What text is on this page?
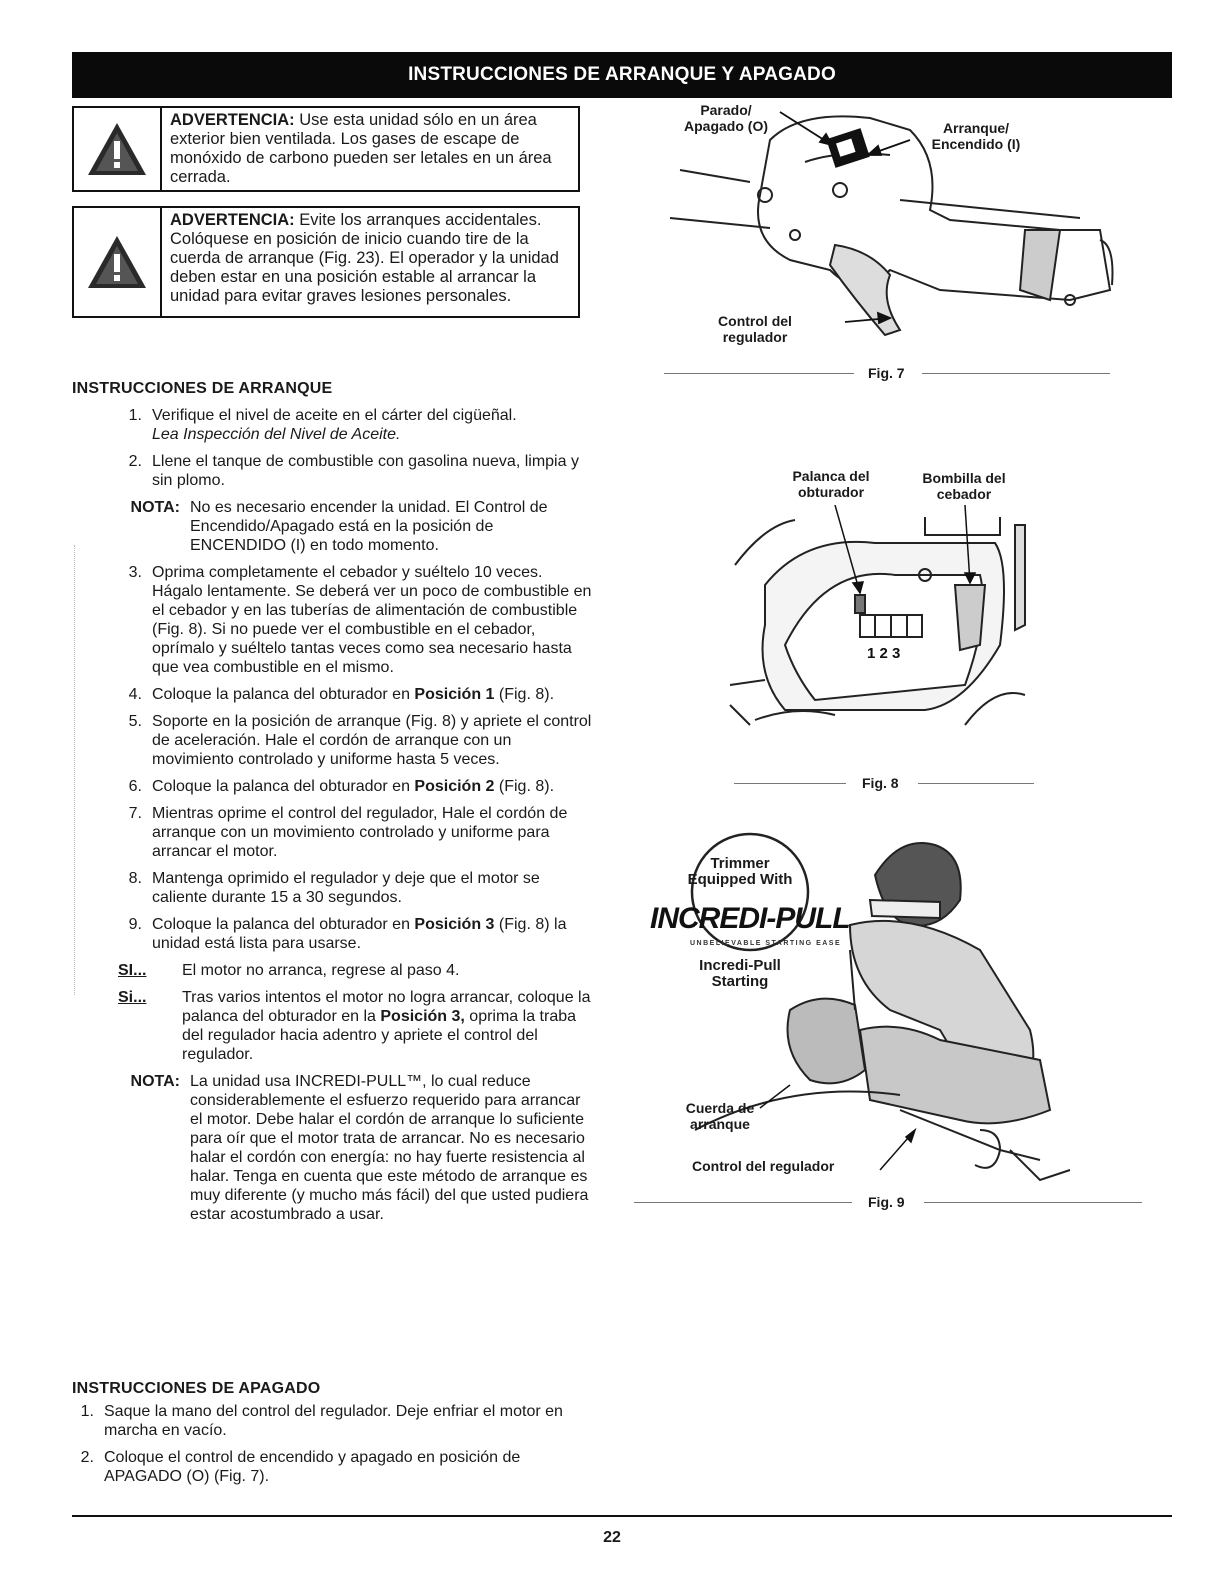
INSTRUCCIONES DE ARRANQUE Y APAGADO
ADVERTENCIA: Use esta unidad sólo en un área exterior bien ventilada. Los gases de escape de monóxido de carbono pueden ser letales en un área cerrada.
ADVERTENCIA: Evite los arranques accidentales. Colóquese en posición de inicio cuando tire de la cuerda de arranque (Fig. 23). El operador y la unidad deben estar en una posición estable al arrancar la unidad para evitar graves lesiones personales.
INSTRUCCIONES DE ARRANQUE
1. Verifique el nivel de aceite en el cárter del cigüeñal.
Lea Inspección del Nivel de Aceite.
2. Llene el tanque de combustible con gasolina nueva, limpia y sin plomo.
NOTA: No es necesario encender la unidad. El Control de Encendido/Apagado está en la posición de ENCENDIDO (I) en todo momento.
3. Oprima completamente el cebador y suéltelo 10 veces. Hágalo lentamente. Se deberá ver un poco de combustible en el cebador y en las tuberías de alimentación de combustible (Fig. 8). Si no puede ver el combustible en el cebador, oprímalo y suéltelo tantas veces como sea necesario hasta que vea combustible en el mismo.
4. Coloque la palanca del obturador en Posición 1 (Fig. 8).
5. Soporte en la posición de arranque (Fig. 8) y apriete el control de aceleración. Hale el cordón de arranque con un movimiento controlado y uniforme hasta 5 veces.
6. Coloque la palanca del obturador en Posición 2 (Fig. 8).
7. Mientras oprime el control del regulador, Hale el cordón de arranque con un movimiento controlado y uniforme para arrancar el motor.
8. Mantenga oprimido el regulador y deje que el motor se caliente durante 15 a 30 segundos.
9. Coloque la palanca del obturador en Posición 3 (Fig. 8) la unidad está lista para usarse.
SI...	El motor no arranca, regrese al paso 4.
Si...	Tras varios intentos el motor no logra arrancar, coloque la palanca del obturador en la Posición 3, oprima la traba del regulador hacia adentro y apriete el control del regulador.
NOTA: La unidad usa INCREDI-PULL™, lo cual reduce considerablemente el esfuerzo requerido para arrancar el motor. Debe halar el cordón de arranque lo suficiente para oír que el motor trata de arrancar. No es necesario halar el cordón con energía: no hay fuerte resistencia al halar. Tenga en cuenta que este método de arranque es muy diferente (y mucho más fácil) del que usted pudiera estar acostumbrado a usar.
INSTRUCCIONES DE APAGADO
1. Saque la mano del control del regulador. Deje enfriar el motor en marcha en vacío.
2. Coloque el control de encendido y apagado en posición de APAGADO (O) (Fig. 7).
Parado/
Apagado (O)	Arranque/
Encendido (I)
Control del
regulador
Fig. 7
1 2 3
Palanca del
obturador
Bombilla del
cebador
Fig. 8
Trimmer
Equipped With
INCREDI-PULL
UNBELIEVABLE STARTING EASE
Incredi-Pull
Starting
Cuerda de
arranque
Control del regulador
Fig. 9
22
